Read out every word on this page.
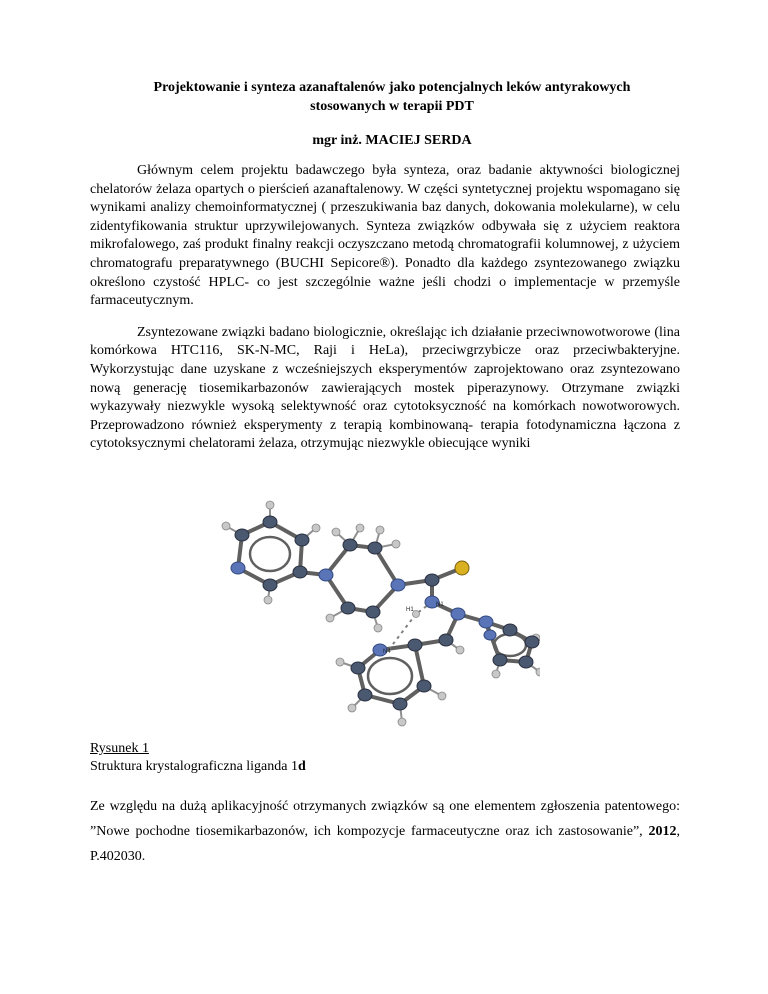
Projektowanie i synteza azanaftalenów jako potencjalnych leków antyrakowych
stosowanych w terapii PDT

mgr inż. MACIEJ SERDA

Głównym celem projektu badawczego była synteza, oraz badanie aktywności biologicznej chelatorów żelaza opartych o pierścień azanaftalenowy. W części syntetycznej projektu wspomagano się wynikami analizy chemoinformatycznej ( przeszukiwania baz danych, dokowania molekularne), w celu zidentyfikowania struktur uprzywilejowanych. Synteza związków odbywała się z użyciem reaktora mikrofalowego, zaś produkt finalny reakcji oczyszczano metodą chromatografii kolumnowej, z użyciem chromatografu preparatywnego (BUCHI Sepicore®). Ponadto dla każdego zsyntezowanego związku określono czystość HPLC- co jest szczególnie ważne jeśli chodzi o implementacje w przemyśle farmaceutycznym.

Zsyntezowane związki badano biologicznie, określając ich działanie przeciwnowotworowe (lina komórkowa HTC116, SK-N-MC, Raji i HeLa), przeciwgrzybicze oraz przeciwbakteryjne. Wykorzystując dane uzyskane z wcześniejszych eksperymentów zaprojektowano oraz zsyntezowano nową generację tiosemikarbazonów zawierających mostek piperazynowy. Otrzymane związki wykazywały niezwykle wysoką selektywność oraz cytotoksyczność na komórkach nowotworowych. Przeprowadzono również eksperymenty z terapią kombinowaną- terapia fotodynamiczna łączona z cytotoksycznymi chelatorami żelaza, otrzymując niezwykle obiecujące wyniki

N1
H1
N4
Rysunek 1
Struktura krystalograficzna liganda 1d

Ze względu na dużą aplikacyjność otrzymanych związków są one elementem zgłoszenia patentowego: ”Nowe pochodne tiosemikarbazonów, ich kompozycje farmaceutyczne oraz ich zastosowanie”, 2012, P.402030.
